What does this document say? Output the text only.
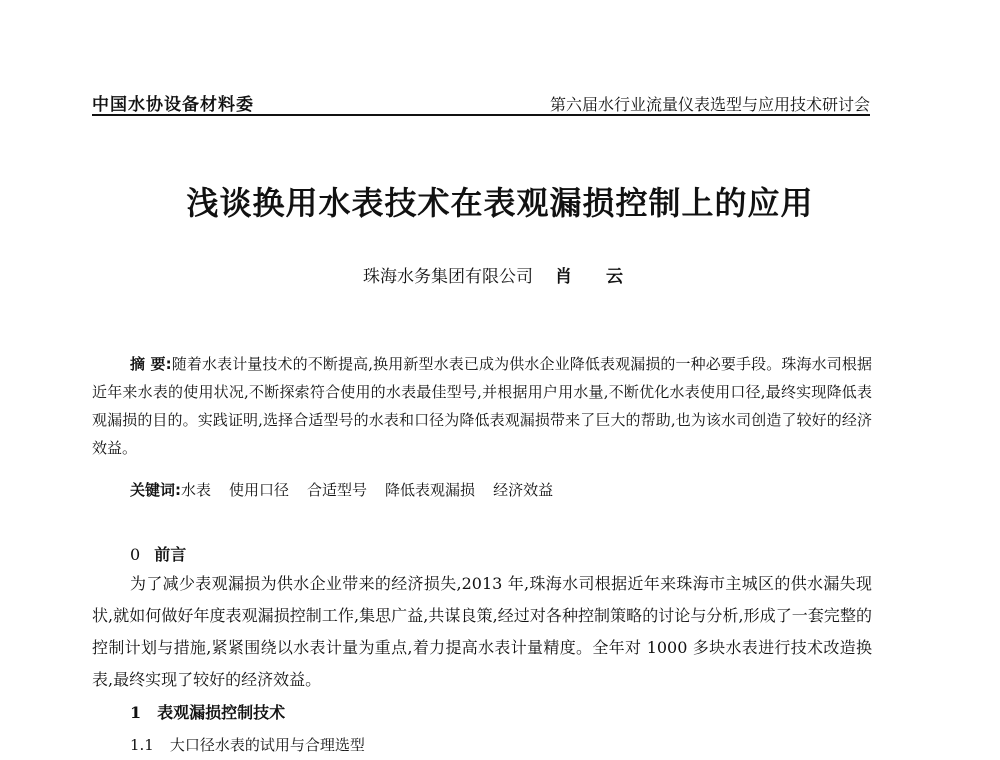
中国水协设备材料委	第六届水行业流量仪表选型与应用技术研讨会
浅谈换用水表技术在表观漏损控制上的应用
珠海水务集团有限公司 肖 云
摘 要:随着水表计量技术的不断提高,换用新型水表已成为供水企业降低表观漏损的一种必要手段。珠海水司根据近年来水表的使用状况,不断探索符合使用的水表最佳型号,并根据用户用水量,不断优化水表使用口径,最终实现降低表观漏损的目的。实践证明,选择合适型号的水表和口径为降低表观漏损带来了巨大的帮助,也为该水司创造了较好的经济效益。
关键词:水表 使用口径 合适型号 降低表观漏损 经济效益
0 前言
为了减少表观漏损为供水企业带来的经济损失,2013 年,珠海水司根据近年来珠海市主城区的供水漏失现状,就如何做好年度表观漏损控制工作,集思广益,共谋良策,经过对各种控制策略的讨论与分析,形成了一套完整的控制计划与措施,紧紧围绕以水表计量为重点,着力提高水表计量精度。全年对 1000 多块水表进行技术改造换表,最终实现了较好的经济效益。
1 表观漏损控制技术
1.1 大口径水表的试用与合理选型
